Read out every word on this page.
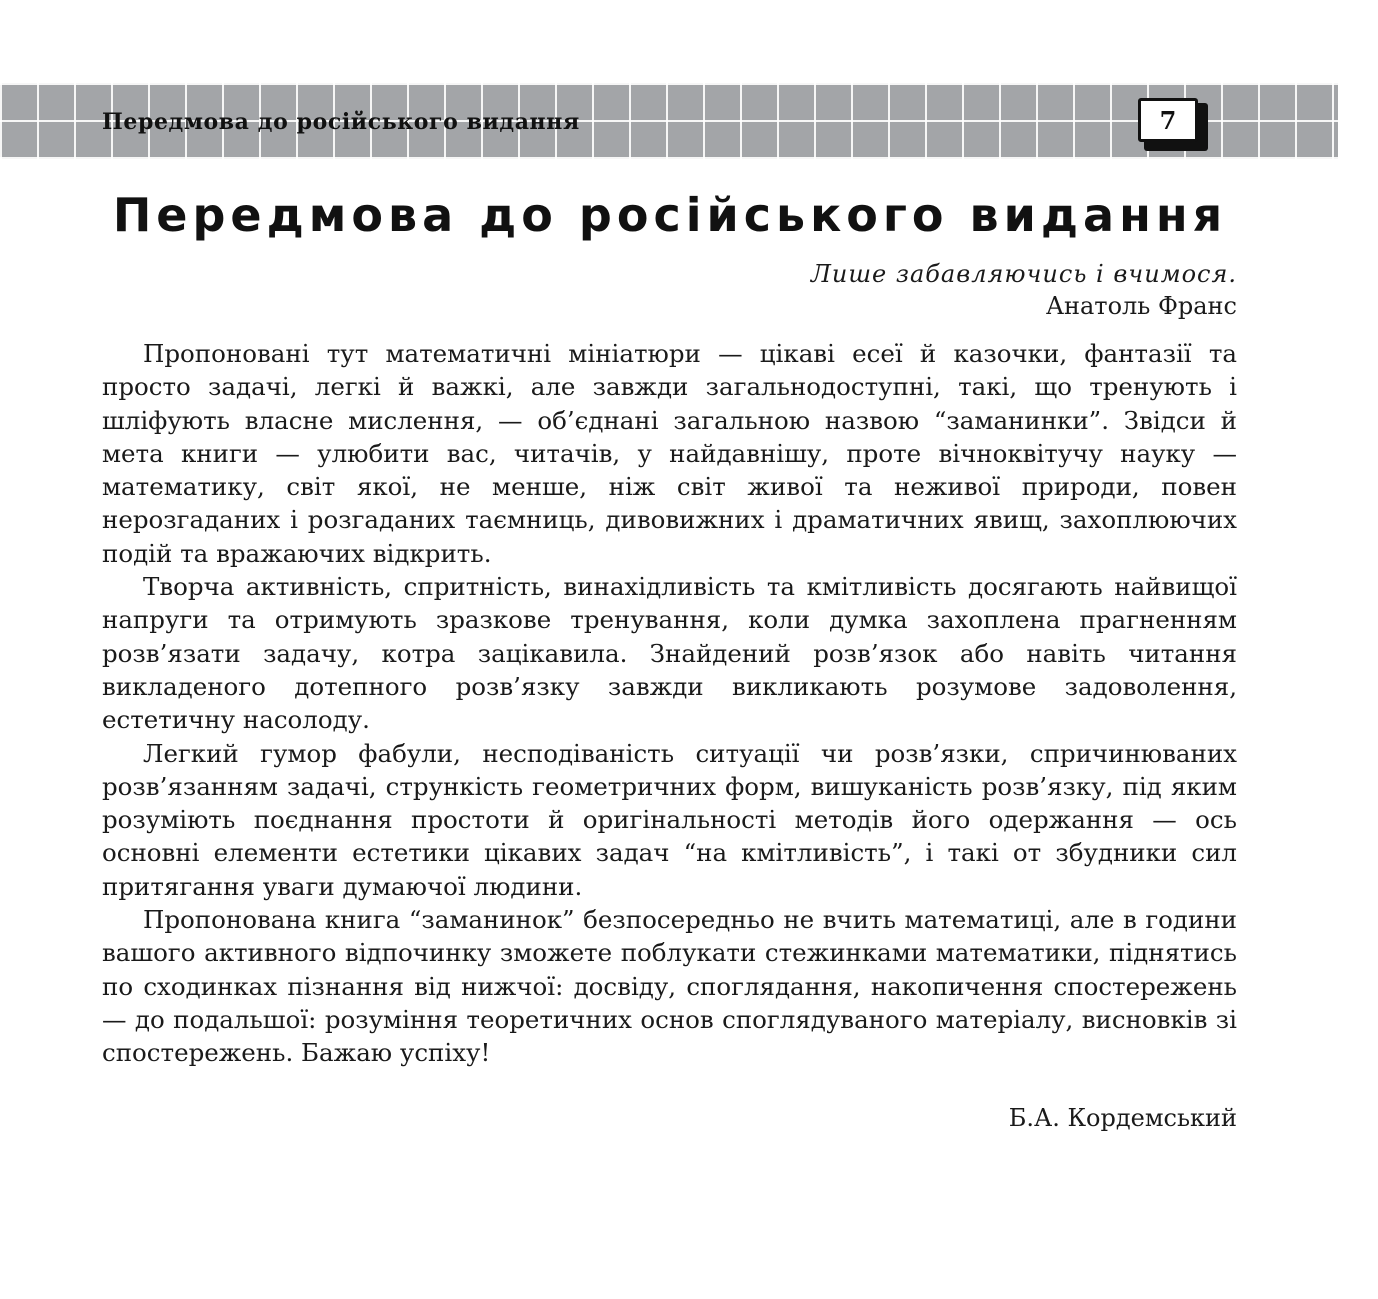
Передмова до російського видання	7
Передмова до російського видання
Лише забавляючись і вчимося.
Анатоль Франс

Пропоновані тут математичні мініатюри — цікаві есеї й казочки, фантазії та просто задачі, легкі й важкі, але завжди загальнодоступні, такі, що тренують і шліфують власне мислення, — об’єднані загальною назвою “заманинки”. Звідси й мета книги — улюбити вас, читачів, у найдавнішу, проте вічноквітучу науку — математику, світ якої, не менше, ніж світ живої та неживої природи, повен нерозгаданих і розгаданих таємниць, дивовижних і драматичних явищ, захоплюючих подій та вражаючих відкрить.

Творча активність, спритність, винахідливість та кмітливість досягають найвищої напруги та отримують зразкове тренування, коли думка захоплена прагненням розв’язати задачу, котра зацікавила. Знайдений розв’язок або навіть читання викладеного дотепного розв’язку завжди викликають розумове задоволення, естетичну насолоду.

Легкий гумор фабули, несподіваність ситуації чи розв’язки, спричинюваних розв’язанням задачі, стрункість геометричних форм, вишуканість розв’язку, під яким розуміють поєднання простоти й оригінальності методів його одержання — ось основні елементи естетики цікавих задач “на кмітливість”, і такі от збудники сил притягання уваги думаючої людини.

Пропонована книга “заманинок” безпосередньо не вчить математиці, але в години вашого активного відпочинку зможете поблукати стежинками математики, піднятись по сходинках пізнання від нижчої: досвіду, споглядання, накопичення спостережень — до подальшої: розуміння теоретичних основ споглядуваного матеріалу, висновків зі спостережень. Бажаю успіху!

Б.А. Кордемський
